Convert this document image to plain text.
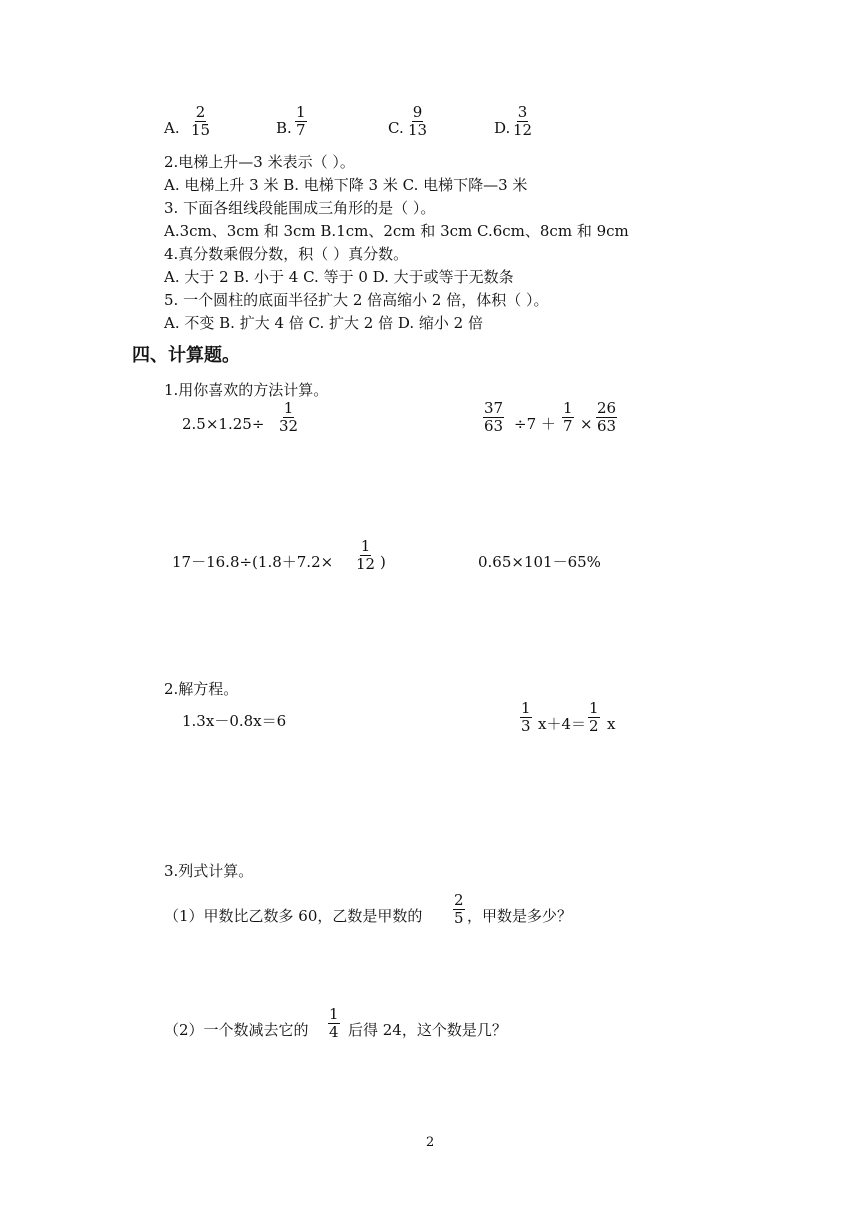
A. $\frac{2}{15}$	B. $\frac{1}{7}$	C. $\frac{9}{13}$	D. $\frac{3}{12}$
2.电梯上升—3 米表示（ ）。
A. 电梯上升 3 米 B. 电梯下降 3 米 C. 电梯下降—3 米
3. 下面各组线段能围成三角形的是（ ）。
A.3cm、3cm 和 3cm B.1cm、2cm 和 3cm C.6cm、8cm 和 9cm
4.真分数乘假分数，积（ ）真分数。
A. 大于 2 B. 小于 4 C. 等于 0 D. 大于或等于无数条
5. 一个圆柱的底面半径扩大 2 倍高缩小 2 倍，体积（ ）。
A. 不变 B. 扩大 4 倍 C. 扩大 2 倍 D. 缩小 2 倍
四、计算题。
1.用你喜欢的方法计算。
$2.5\times 1.25\div \frac{1}{32}$	$\frac{37}{63} \div 7 + \frac{1}{7} \times \frac{26}{63}$
$17-16.8\div(1.8+7.2\times \frac{1}{12}$ )	0.65×101－65%
2.解方程。
1.3x－0.8x＝6	$\frac{1}{3} x+4= \frac{1}{2}$ x
3.列式计算。
（1）甲数比乙数多 60，乙数是甲数的 $\frac{2}{5}$ ，甲数是多少？
（2）一个数减去它的 $\frac{1}{4}$ 后得 24，这个数是几？
2
